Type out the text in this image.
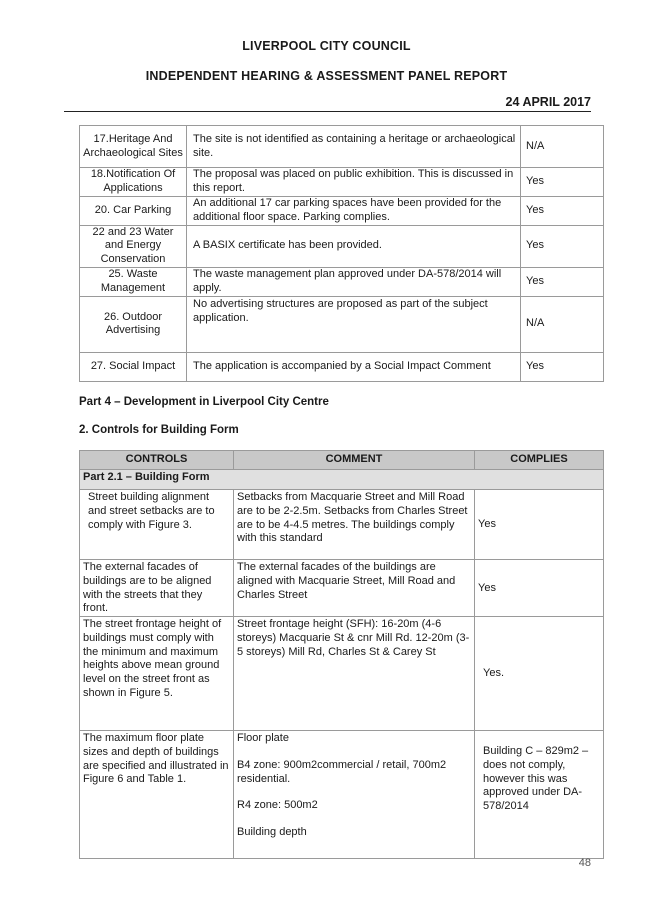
LIVERPOOL CITY COUNCIL
INDEPENDENT HEARING & ASSESSMENT PANEL REPORT
24 APRIL 2017
17.Heritage And Archaeological Sites	The site is not identified as containing a heritage or archaeological site.	N/A
18.Notification Of Applications	The proposal was placed on public exhibition. This is discussed in this report.	Yes
20. Car Parking	An additional 17 car parking spaces have been provided for the additional floor space. Parking complies.	Yes
22 and 23 Water and Energy Conservation	A BASIX certificate has been provided.	Yes
25. Waste Management	The waste management plan approved under DA-578/2014 will apply.	Yes
26. Outdoor Advertising	No advertising structures are proposed as part of the subject application.	N/A
27. Social Impact	The application is accompanied by a Social Impact Comment	Yes
Part 4 – Development in Liverpool City Centre
2. Controls for Building Form
CONTROLS	COMMENT	COMPLIES
Part 2.1 – Building Form		
Street building alignment and street setbacks are to comply with Figure 3.	Setbacks from Macquarie Street and Mill Road are to be 2-2.5m. Setbacks from Charles Street are to be 4-4.5 metres. The buildings comply with this standard	Yes
The external facades of buildings are to be aligned with the streets that they front.	The external facades of the buildings are aligned with Macquarie Street, Mill Road and Charles Street	Yes
The street frontage height of buildings must comply with the minimum and maximum heights above mean ground level on the street front as shown in Figure 5.	Street frontage height (SFH): 16-20m (4-6 storeys) Macquarie St & cnr Mill Rd. 12-20m (3-5 storeys) Mill Rd, Charles St & Carey St	Yes.
The maximum floor plate sizes and depth of buildings are specified and illustrated in Figure 6 and Table 1.	Floor plate
B4 zone: 900m2commercial / retail, 700m2 residential.
R4 zone: 500m2
Building depth	Building C – 829m2 – does not comply, however this was approved under DA-578/2014
48
